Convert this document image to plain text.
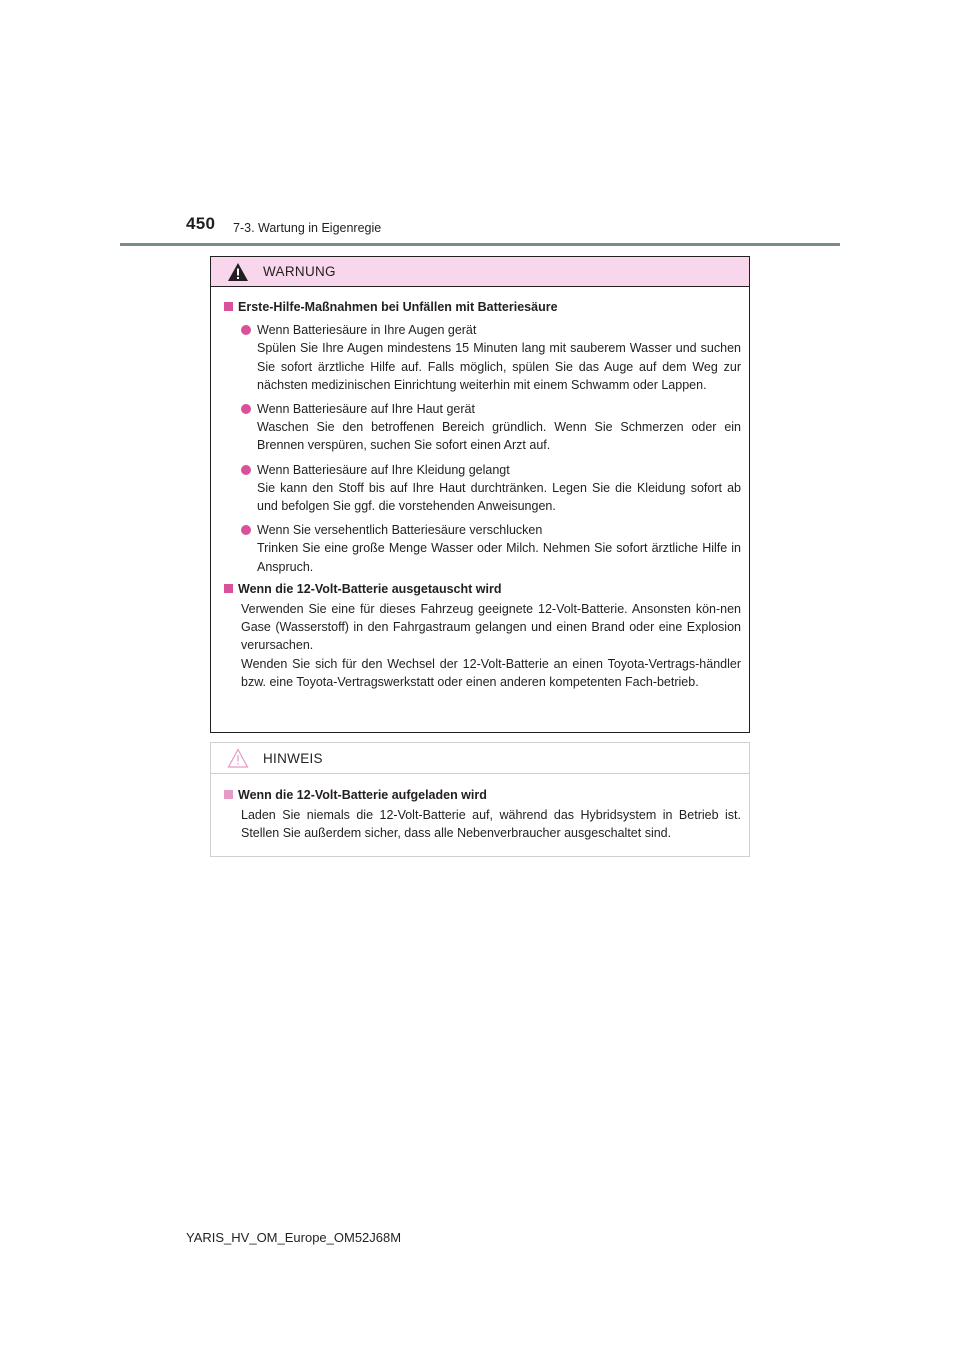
450 7-3. Wartung in Eigenregie
WARNUNG
Erste-Hilfe-Maßnahmen bei Unfällen mit Batteriesäure
Wenn Batteriesäure in Ihre Augen gerät
Spülen Sie Ihre Augen mindestens 15 Minuten lang mit sauberem Wasser und suchen Sie sofort ärztliche Hilfe auf. Falls möglich, spülen Sie das Auge auf dem Weg zur nächsten medizinischen Einrichtung weiterhin mit einem Schwamm oder Lappen.
Wenn Batteriesäure auf Ihre Haut gerät
Waschen Sie den betroffenen Bereich gründlich. Wenn Sie Schmerzen oder ein Brennen verspüren, suchen Sie sofort einen Arzt auf.
Wenn Batteriesäure auf Ihre Kleidung gelangt
Sie kann den Stoff bis auf Ihre Haut durchtränken. Legen Sie die Kleidung sofort ab und befolgen Sie ggf. die vorstehenden Anweisungen.
Wenn Sie versehentlich Batteriesäure verschlucken
Trinken Sie eine große Menge Wasser oder Milch. Nehmen Sie sofort ärztliche Hilfe in Anspruch.
Wenn die 12-Volt-Batterie ausgetauscht wird
Verwenden Sie eine für dieses Fahrzeug geeignete 12-Volt-Batterie. Ansonsten kön-nen Gase (Wasserstoff) in den Fahrgastraum gelangen und einen Brand oder eine Explosion verursachen.
Wenden Sie sich für den Wechsel der 12-Volt-Batterie an einen Toyota-Vertrags-händler bzw. eine Toyota-Vertragswerkstatt oder einen anderen kompetenten Fach-betrieb.
HINWEIS
Wenn die 12-Volt-Batterie aufgeladen wird
Laden Sie niemals die 12-Volt-Batterie auf, während das Hybridsystem in Betrieb ist. Stellen Sie außerdem sicher, dass alle Nebenverbraucher ausgeschaltet sind.
YARIS_HV_OM_Europe_OM52J68M
